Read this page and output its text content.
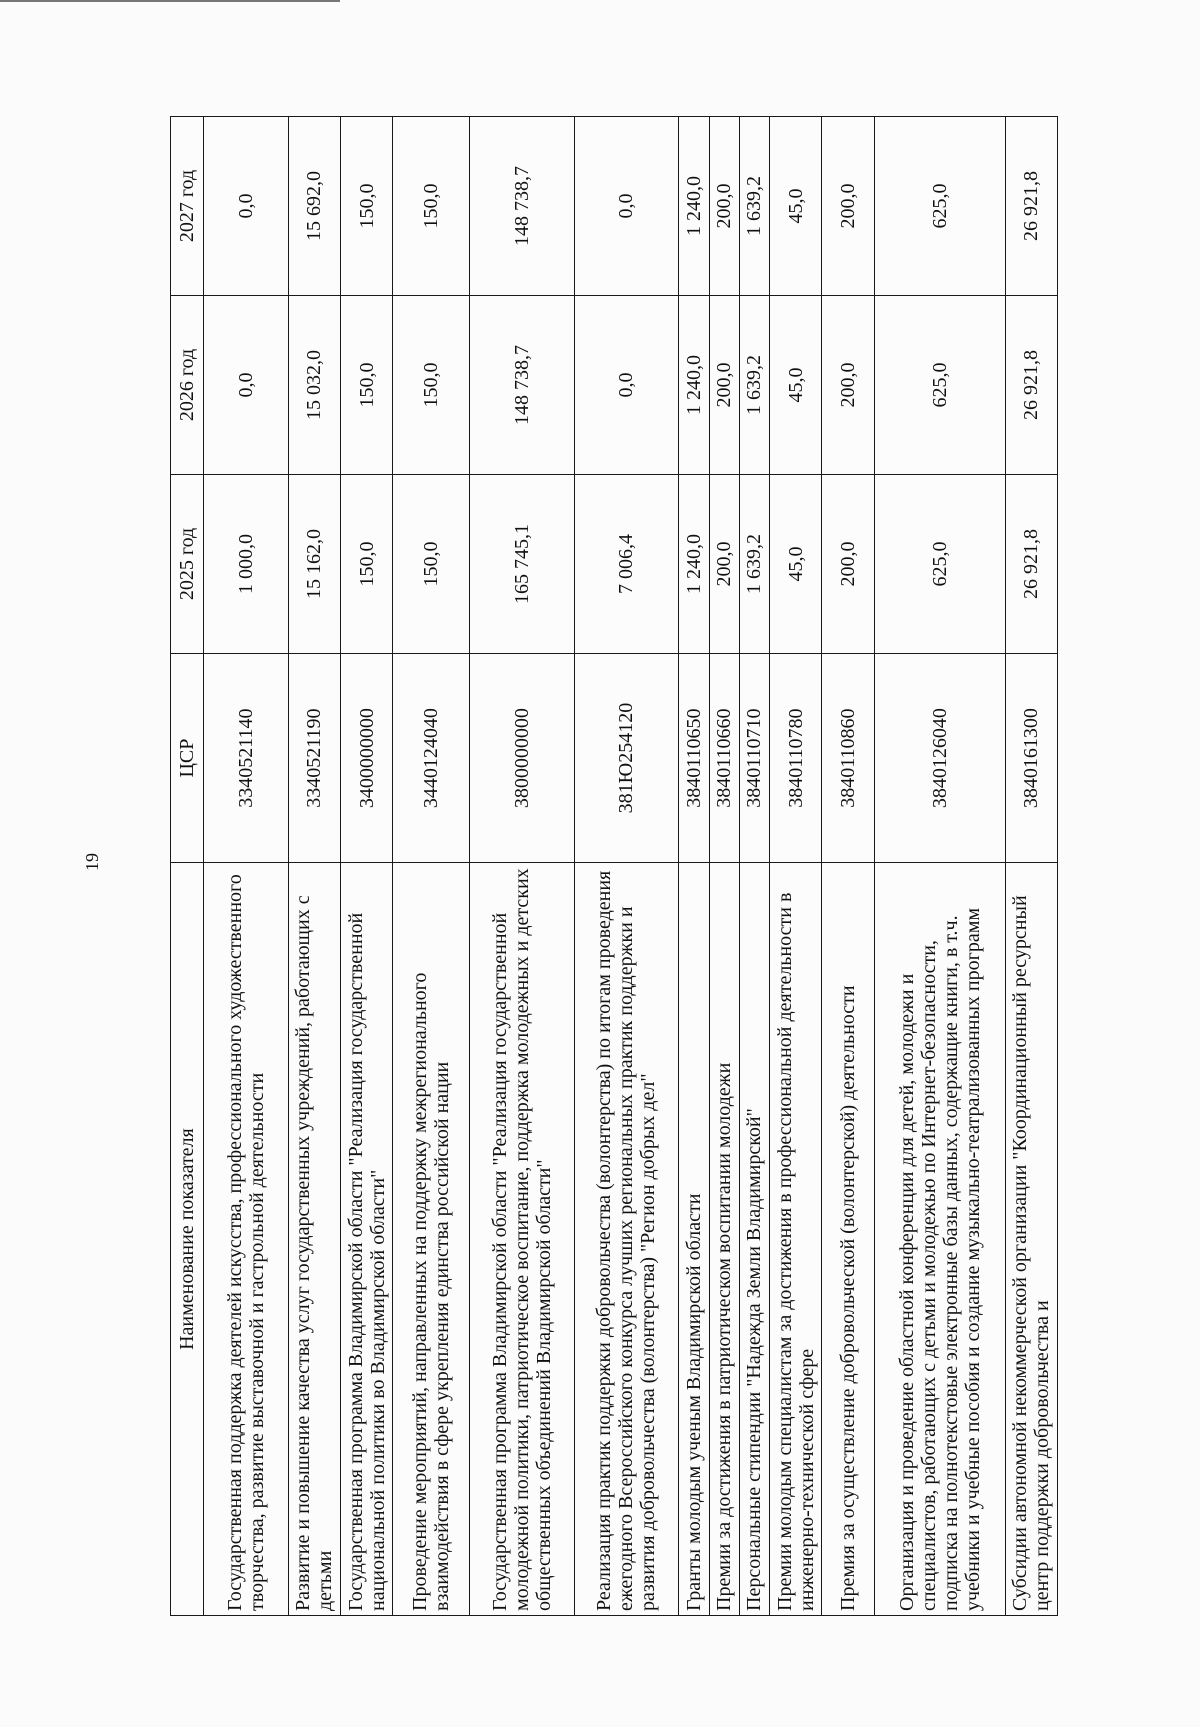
19
Наименование показателя	ЦСР	2025 год	2026 год	2027 год
Государственная поддержка деятелей искусства, профессионального художественного творчества, развитие выставочной и гастрольной деятельности	3340521140	1 000,0	0,0	0,0
Развитие и повышение качества услуг государственных учреждений, работающих с детьми	3340521190	15 162,0	15 032,0	15 692,0
Государственная программа Владимирской области "Реализация государственной национальной политики во Владимирской области"	3400000000	150,0	150,0	150,0
Проведение мероприятий, направленных на поддержку межрегионального взаимодействия в сфере укрепления единства российской нации	3440124040	150,0	150,0	150,0
Государственная программа Владимирской области "Реализация государственной молодежной политики, патриотическое воспитание, поддержка молодежных и детских общественных объединений Владимирской области"	3800000000	165 745,1	148 738,7	148 738,7
Реализация практик поддержки добровольчества (волонтерства) по итогам проведения ежегодного Всероссийского конкурса лучших региональных практик поддержки и развития добровольчества (волонтерства) "Регион добрых дел"	381Ю254120	7 006,4	0,0	0,0
Гранты молодым ученым Владимирской области	3840110650	1 240,0	1 240,0	1 240,0
Премии за достижения в патриотическом воспитании молодежи	3840110660	200,0	200,0	200,0
Персональные стипендии "Надежда Земли Владимирской"	3840110710	1 639,2	1 639,2	1 639,2
Премии молодым специалистам за достижения в профессиональной деятельности в инженерно-технической сфере	3840110780	45,0	45,0	45,0
Премия за осуществление добровольческой (волонтерской) деятельности	3840110860	200,0	200,0	200,0
Организация и проведение областной конференции для детей, молодежи и специалистов, работающих с детьми и молодежью по Интернет-безопасности, подписка на полнотекстовые электронные базы данных, содержащие книги, в т.ч. учебники и учебные пособия и создание музыкально-театрализованных программ	3840126040	625,0	625,0	625,0
Субсидии автономной некоммерческой организации "Координационный ресурсный центр поддержки добровольчества и	3840161300	26 921,8	26 921,8	26 921,8
